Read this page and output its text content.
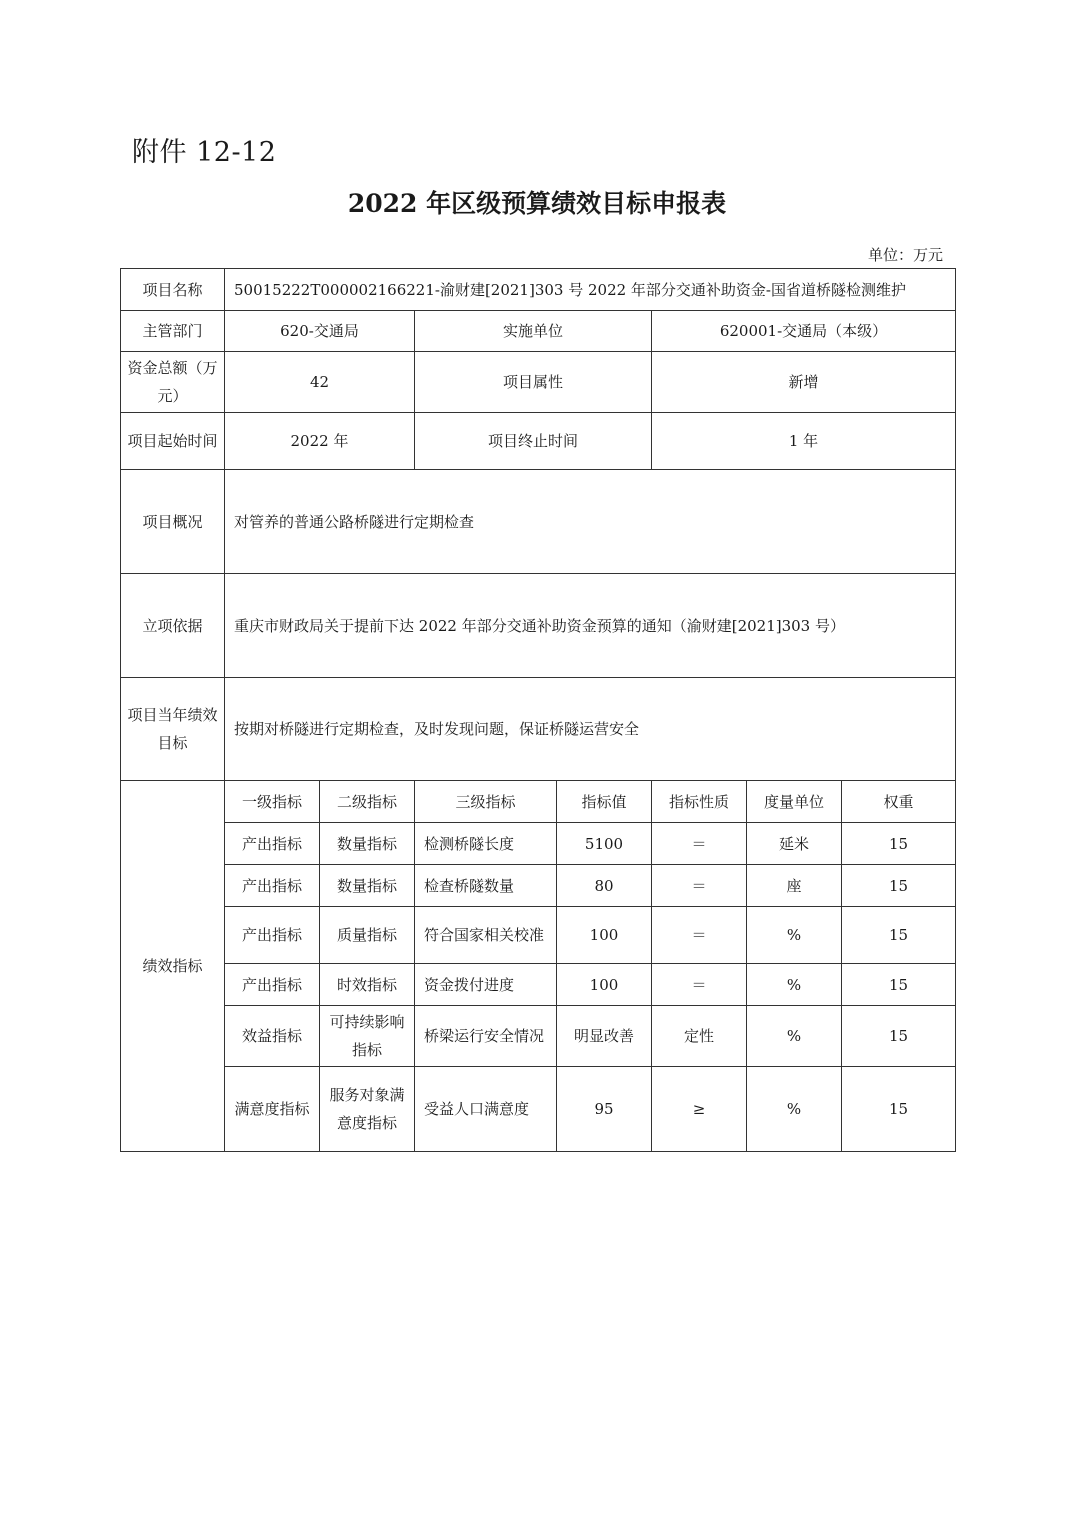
附件 12-12
2022 年区级预算绩效目标申报表
单位：万元
项目名称	50015222T000002166221-渝财建[2021]303 号 2022 年部分交通补助资金-国省道桥隧检测维护						
主管部门	620-交通局		实施单位		620001-交通局（本级）		
资金总额（万元）	42		项目属性		新增		
项目起始时间	2022 年		项目终止时间		1 年		
项目概况	对管养的普通公路桥隧进行定期检查						
立项依据	重庆市财政局关于提前下达 2022 年部分交通补助资金预算的通知（渝财建[2021]303 号）						
项目当年绩效目标	按期对桥隧进行定期检查，及时发现问题，保证桥隧运营安全						
绩效指标	一级指标	二级指标	三级指标	指标值	指标性质	度量单位	权重
	产出指标	数量指标	检测桥隧长度	5100	＝	延米	15
	产出指标	数量指标	检查桥隧数量	80	＝	座	15
	产出指标	质量指标	符合国家相关校准	100	＝	%	15
	产出指标	时效指标	资金拨付进度	100	＝	%	15
	效益指标	可持续影响指标	桥梁运行安全情况	明显改善	定性	%	15
	满意度指标	服务对象满意度指标	受益人口满意度	95	≥	%	15
